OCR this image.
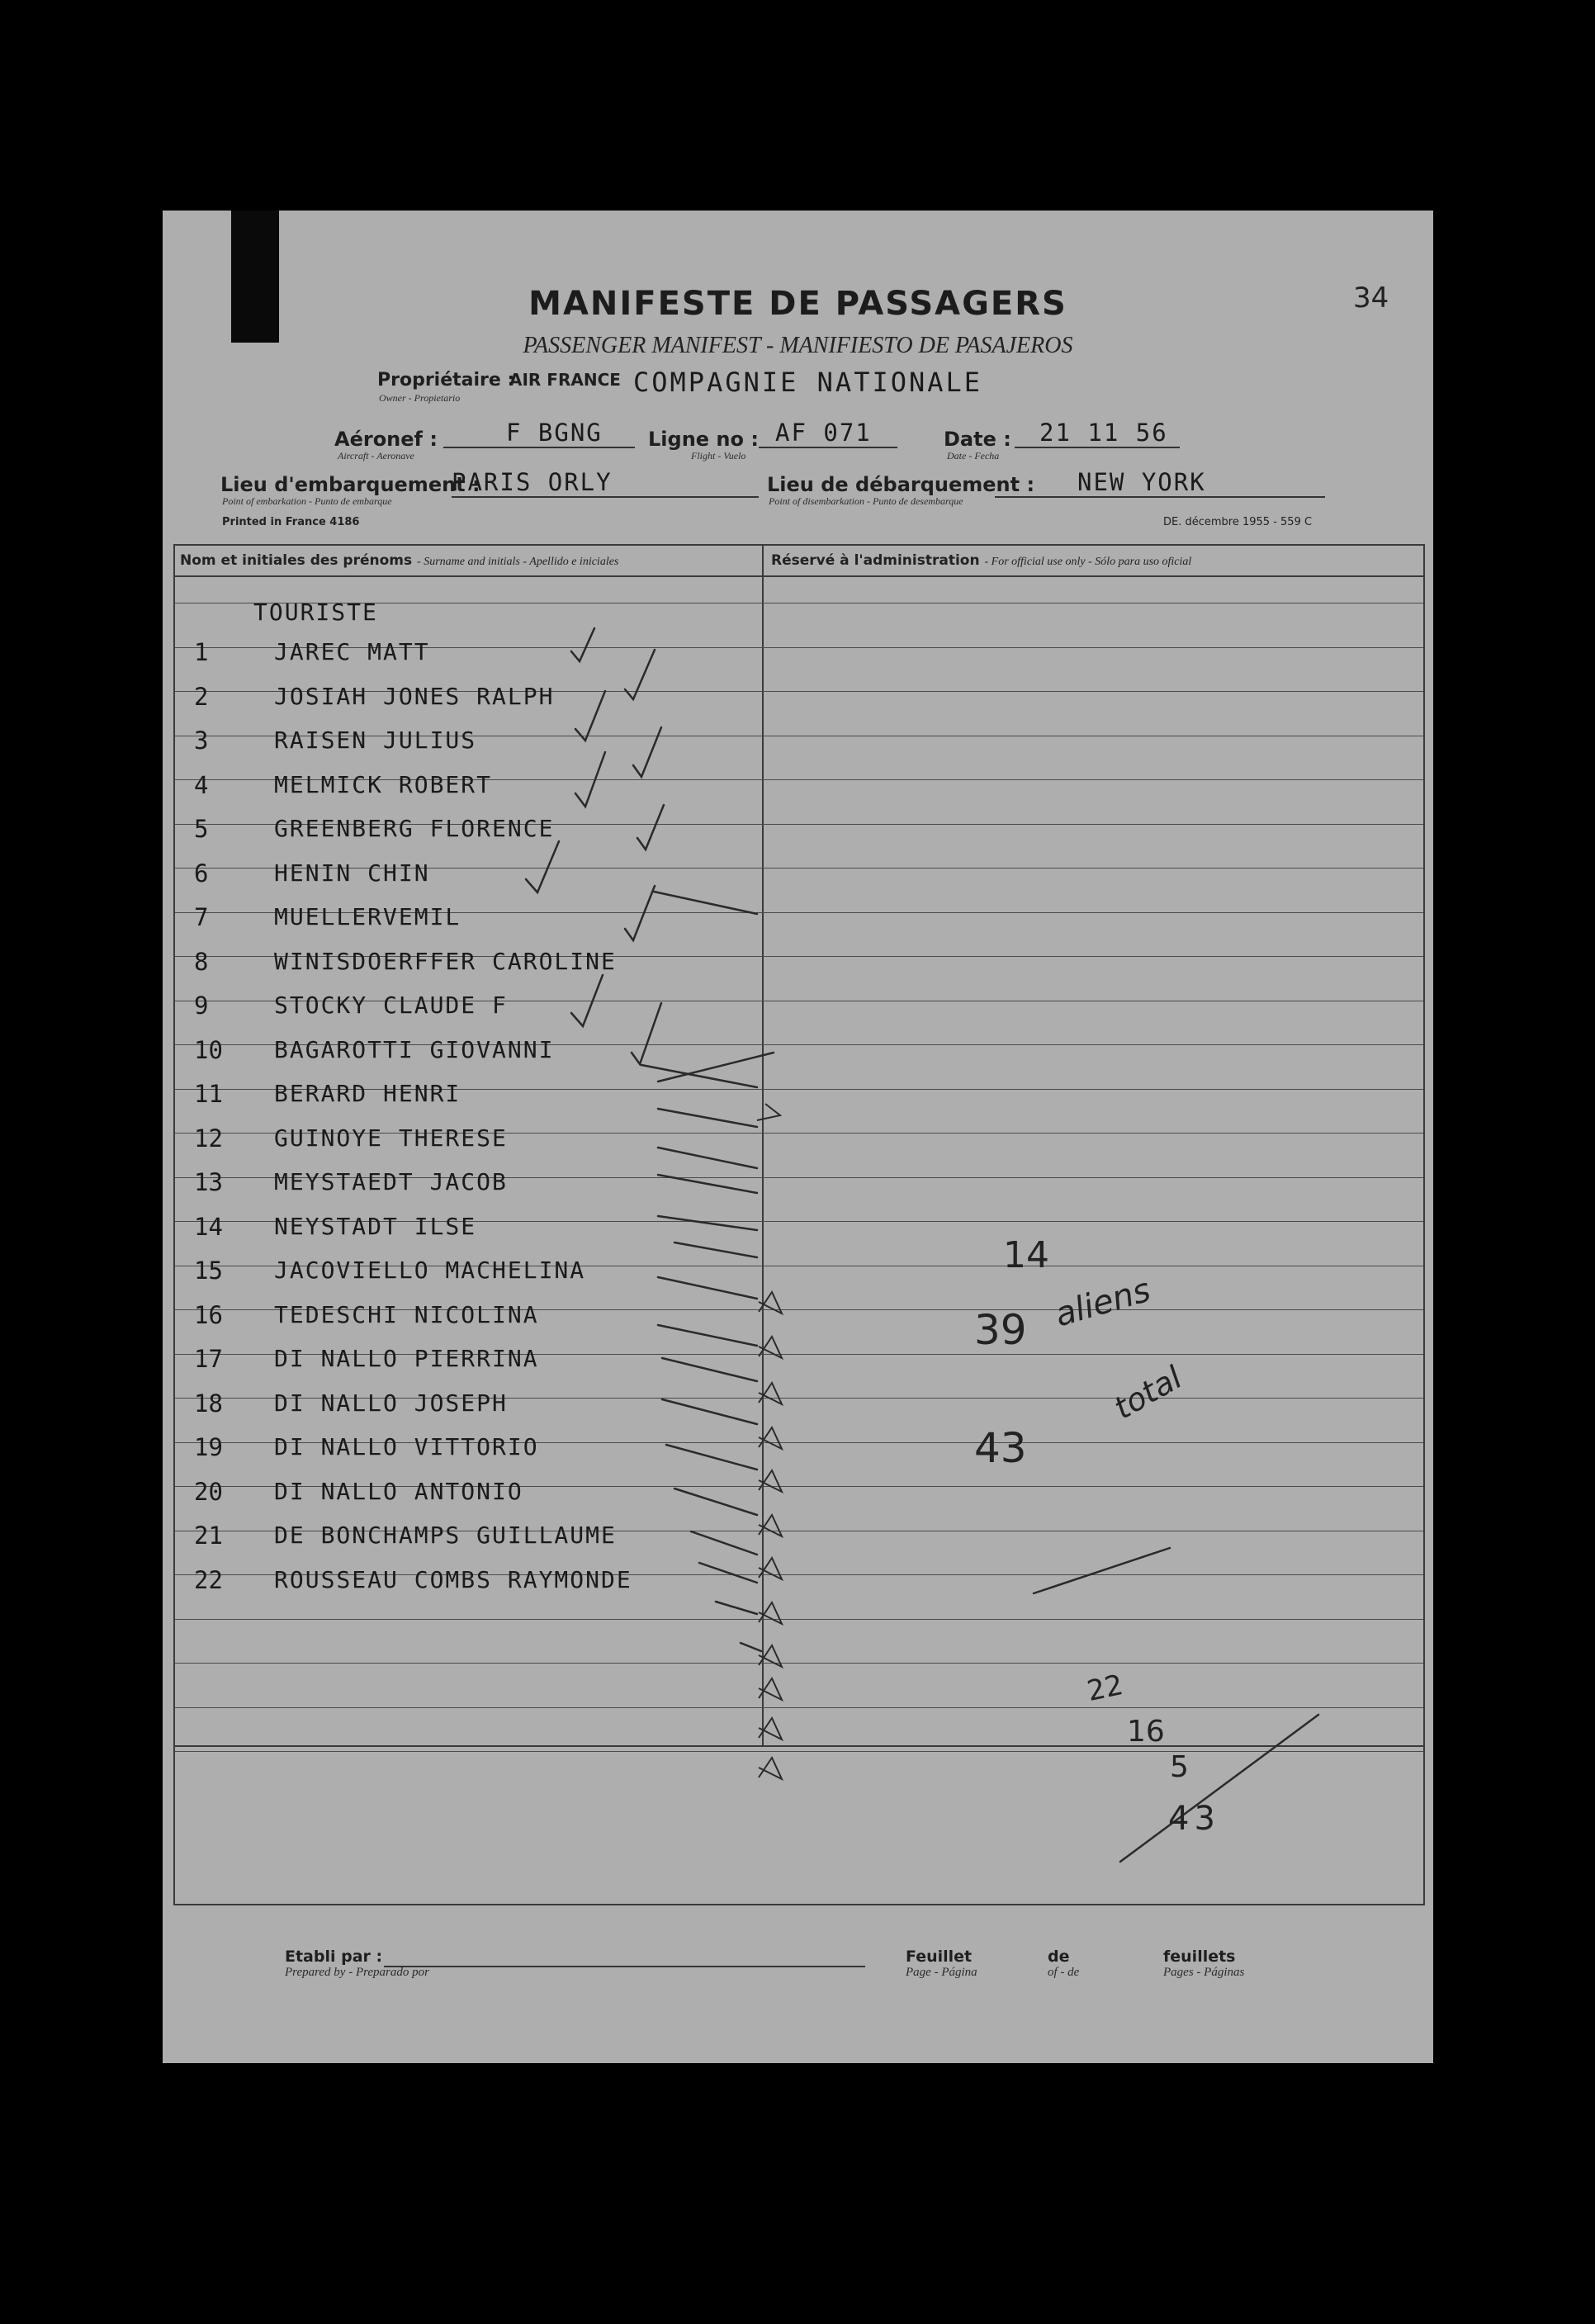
MANIFESTE DE PASSAGERS
PASSENGER MANIFEST - MANIFIESTO DE PASAJEROS
34
Propriétaire :
Owner - Propietario
AIR FRANCE COMPAGNIE NATIONALE
Aéronef :
Aircraft - Aeronave
F BGNG	Ligne no :
Flight - Vuelo
AF 071	Date :
Date - Fecha
21 11 56
Lieu d'embarquement :
Point of embarkation - Punto de embarque
PARIS ORLY	Lieu de débarquement :
Point of disembarkation - Punto de desembarque
NEW YORK
Printed in France 4186	DE. décembre 1955 - 559 C
Nom et initiales des prénoms - Surname and initials - Apellido e iniciales	Réservé à l'administration - For official use only - Sólo para uso oficial
TOURISTE
1	JAREC MATT
2	JOSIAH JONES RALPH
3	RAISEN JULIUS
4	MELMICK ROBERT
5	GREENBERG FLORENCE
6	HENIN CHIN
7	MUELLERVEMIL
8	WINISDOERFFER CAROLINE
9	STOCKY CLAUDE F
10	BAGAROTTI GIOVANNI
11	BERARD HENRI
12	GUINOYE THERESE
13	MEYSTAEDT JACOB
14	NEYSTADT ILSE
15	JACOVIELLO MACHELINA
16	TEDESCHI NICOLINA
17	DI NALLO PIERRINA
18	DI NALLO JOSEPH
19	DI NALLO VITTORIO
20	DI NALLO ANTONIO
21	DE BONCHAMPS GUILLAUME
22	ROUSSEAU COMBS RAYMONDE
14
39 aliens
total
43
22
16
5
43
Etabli par :
Prepared by - Preparado por
Feuillet
Page - Página
de
of - de
feuillets
Pages - Páginas
